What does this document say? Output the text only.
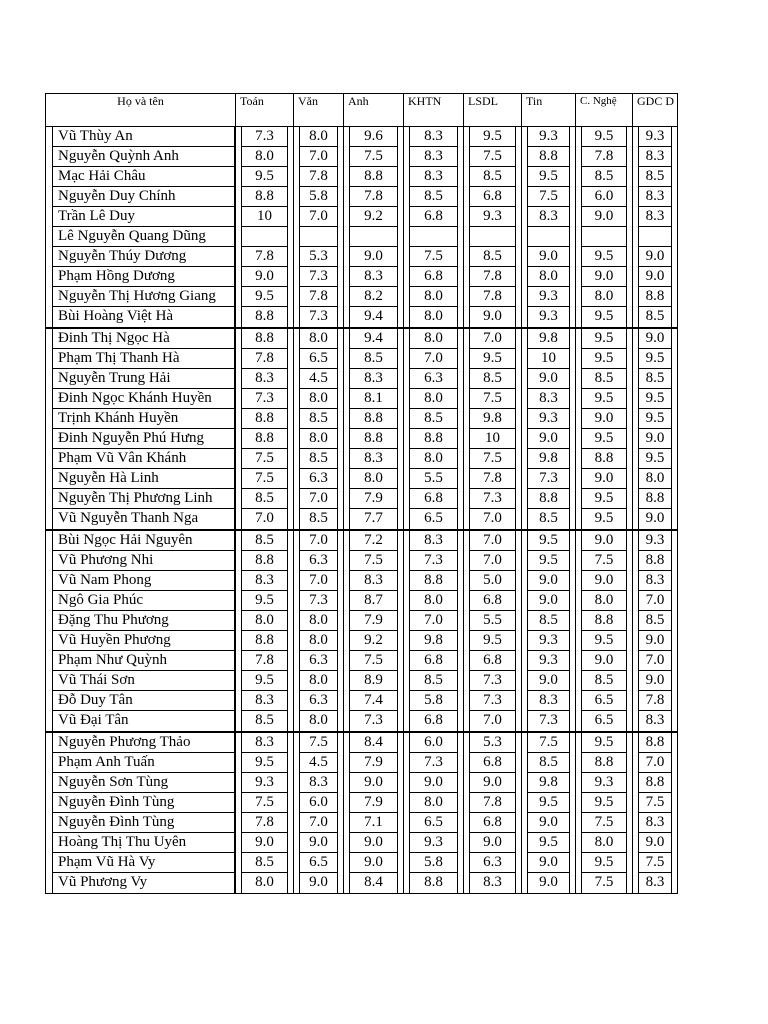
Họ và tên	Toán	Văn	Anh	KHTN	LSDL	Tin	C. Nghệ	GDC D

Vũ Thùy An	7.3	8.0	9.6	8.3	9.5	9.3	9.5	9.3

Nguyễn Quỳnh Anh	8.0	7.0	7.5	8.3	7.5	8.8	7.8	8.3

Mạc Hải Châu	9.5	7.8	8.8	8.3	8.5	9.5	8.5	8.5

Nguyễn Duy Chính	8.8	5.8	7.8	8.5	6.8	7.5	6.0	8.3

Trần Lê Duy	10	7.0	9.2	6.8	9.3	8.3	9.0	8.3

Lê Nguyễn Quang Dũng								

Nguyễn Thúy Dương	7.8	5.3	9.0	7.5	8.5	9.0	9.5	9.0

Phạm Hồng Dương	9.0	7.3	8.3	6.8	7.8	8.0	9.0	9.0

Nguyễn Thị Hương Giang	9.5	7.8	8.2	8.0	7.8	9.3	8.0	8.8

Bùi Hoàng Việt Hà	8.8	7.3	9.4	8.0	9.0	9.3	9.5	8.5

Đinh Thị Ngọc Hà	8.8	8.0	9.4	8.0	7.0	9.8	9.5	9.0

Phạm Thị Thanh Hà	7.8	6.5	8.5	7.0	9.5	10	9.5	9.5

Nguyễn Trung Hải	8.3	4.5	8.3	6.3	8.5	9.0	8.5	8.5

Đinh Ngọc Khánh Huyền	7.3	8.0	8.1	8.0	7.5	8.3	9.5	9.5

Trịnh Khánh Huyền	8.8	8.5	8.8	8.5	9.8	9.3	9.0	9.5

Đinh Nguyễn Phú Hưng	8.8	8.0	8.8	8.8	10	9.0	9.5	9.0

Phạm Vũ Vân Khánh	7.5	8.5	8.3	8.0	7.5	9.8	8.8	9.5

Nguyễn Hà Linh	7.5	6.3	8.0	5.5	7.8	7.3	9.0	8.0

Nguyễn Thị Phương Linh	8.5	7.0	7.9	6.8	7.3	8.8	9.5	8.8

Vũ Nguyễn Thanh Nga	7.0	8.5	7.7	6.5	7.0	8.5	9.5	9.0

Bùi Ngọc Hải Nguyên	8.5	7.0	7.2	8.3	7.0	9.5	9.0	9.3

Vũ Phương Nhi	8.8	6.3	7.5	7.3	7.0	9.5	7.5	8.8

Vũ Nam Phong	8.3	7.0	8.3	8.8	5.0	9.0	9.0	8.3

Ngô Gia Phúc	9.5	7.3	8.7	8.0	6.8	9.0	8.0	7.0

Đặng Thu Phương	8.0	8.0	7.9	7.0	5.5	8.5	8.8	8.5

Vũ Huyền Phương	8.8	8.0	9.2	9.8	9.5	9.3	9.5	9.0

Phạm Như Quỳnh	7.8	6.3	7.5	6.8	6.8	9.3	9.0	7.0

Vũ Thái Sơn	9.5	8.0	8.9	8.5	7.3	9.0	8.5	9.0

Đỗ Duy Tân	8.3	6.3	7.4	5.8	7.3	8.3	6.5	7.8

Vũ Đại Tân	8.5	8.0	7.3	6.8	7.0	7.3	6.5	8.3

Nguyễn Phương Thảo	8.3	7.5	8.4	6.0	5.3	7.5	9.5	8.8

Phạm Anh Tuấn	9.5	4.5	7.9	7.3	6.8	8.5	8.8	7.0

Nguyễn Sơn Tùng	9.3	8.3	9.0	9.0	9.0	9.8	9.3	8.8

Nguyễn Đình Tùng	7.5	6.0	7.9	8.0	7.8	9.5	9.5	7.5

Nguyễn Đình Tùng	7.8	7.0	7.1	6.5	6.8	9.0	7.5	8.3

Hoàng Thị Thu Uyên	9.0	9.0	9.0	9.3	9.0	9.5	8.0	9.0

Phạm Vũ Hà Vy	8.5	6.5	9.0	5.8	6.3	9.0	9.5	7.5

Vũ Phương Vy	8.0	9.0	8.4	8.8	8.3	9.0	7.5	8.3
